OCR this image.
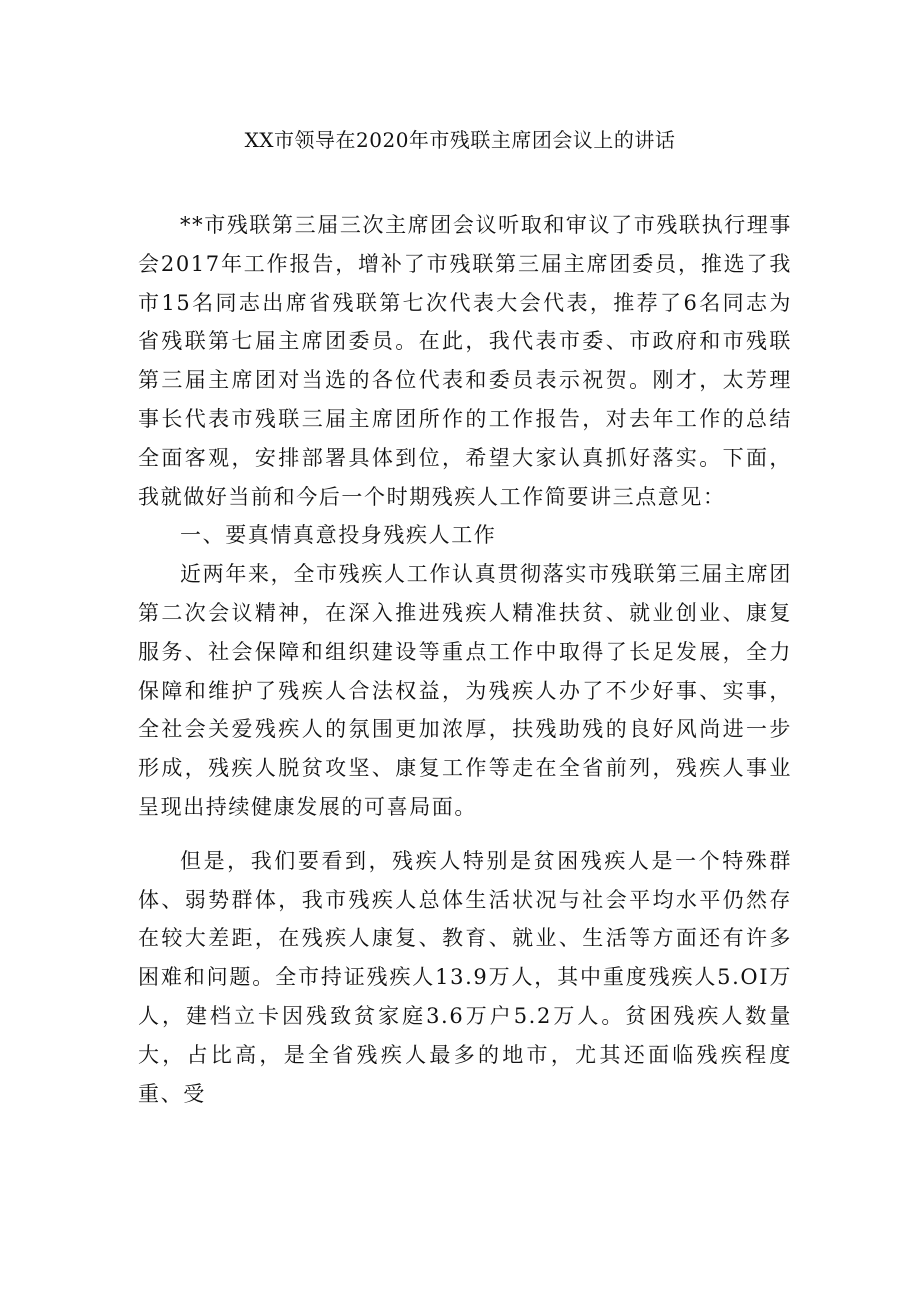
XX市领导在2020年市残联主席团会议上的讲话

**市残联第三届三次主席团会议听取和审议了市残联执行理事会2017年工作报告，增补了市残联第三届主席团委员，推选了我市15名同志出席省残联第七次代表大会代表，推荐了6名同志为省残联第七届主席团委员。在此，我代表市委、市政府和市残联第三届主席团对当选的各位代表和委员表示祝贺。刚才，太芳理事长代表市残联三届主席团所作的工作报告，对去年工作的总结全面客观，安排部署具体到位，希望大家认真抓好落实。下面，我就做好当前和今后一个时期残疾人工作简要讲三点意见：

一、要真情真意投身残疾人工作

近两年来，全市残疾人工作认真贯彻落实市残联第三届主席团第二次会议精神，在深入推进残疾人精准扶贫、就业创业、康复服务、社会保障和组织建设等重点工作中取得了长足发展，全力保障和维护了残疾人合法权益，为残疾人办了不少好事、实事，全社会关爱残疾人的氛围更加浓厚，扶残助残的良好风尚进一步形成，残疾人脱贫攻坚、康复工作等走在全省前列，残疾人事业呈现出持续健康发展的可喜局面。

但是，我们要看到，残疾人特别是贫困残疾人是一个特殊群体、弱势群体，我市残疾人总体生活状况与社会平均水平仍然存在较大差距，在残疾人康复、教育、就业、生活等方面还有许多困难和问题。全市持证残疾人13.9万人，其中重度残疾人5.OI万人，建档立卡因残致贫家庭3.6万户5.2万人。贫困残疾人数量大，占比高，是全省残疾人最多的地市，尤其还面临残疾程度重、受
